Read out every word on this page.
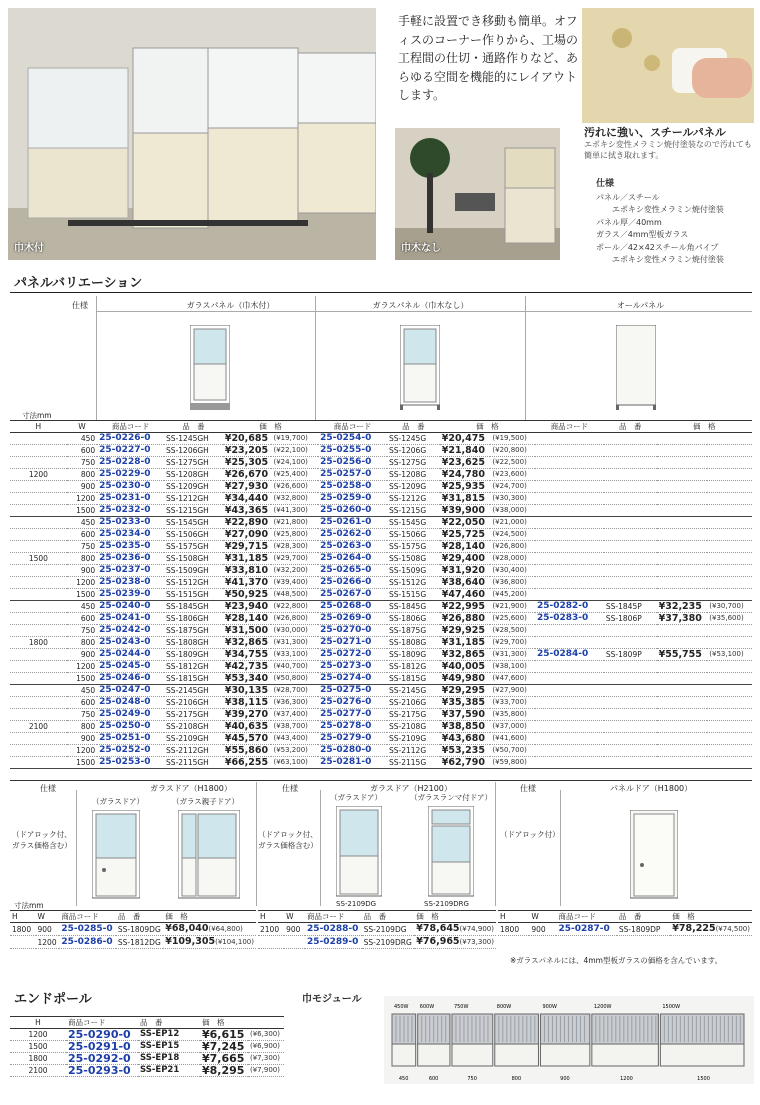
巾木付
手軽に設置でき移動も簡単。オフィスのコーナー作りから、工場の工程間の仕切・通路作りなど、あらゆる空間を機能的にレイアウトします。
巾木なし
汚れに強い、スチールパネル
エポキシ変性メラミン焼付塗装なので汚れても簡単に拭き取れます。
仕様
パネル／スチール
　　エポキシ変性メラミン焼付塗装
パネル厚／40mm
ガラス／4mm型板ガラス
ポール／42×42スチール角パイプ
　　エポキシ変性メラミン焼付塗装
パネルバリエーション
仕様	ガラスパネル（巾木付）	ガラスパネル（巾木なし）	オールパネル
寸法mm
H	W	商品コード	品　番	価　格		商品コード	品　番	価　格		商品コード	品　番	価　格	
	450	25-0226-0	SS-1245GH	¥20,685	(¥19,700)	25-0254-0	SS-1245G	¥20,475	(¥19,500)				
	600	25-0227-0	SS-1206GH	¥23,205	(¥22,100)	25-0255-0	SS-1206G	¥21,840	(¥20,800)				
	750	25-0228-0	SS-1275GH	¥25,305	(¥24,100)	25-0256-0	SS-1275G	¥23,625	(¥22,500)				
1200	800	25-0229-0	SS-1208GH	¥26,670	(¥25,400)	25-0257-0	SS-1208G	¥24,780	(¥23,600)				
	900	25-0230-0	SS-1209GH	¥27,930	(¥26,600)	25-0258-0	SS-1209G	¥25,935	(¥24,700)				
	1200	25-0231-0	SS-1212GH	¥34,440	(¥32,800)	25-0259-0	SS-1212G	¥31,815	(¥30,300)				
	1500	25-0232-0	SS-1215GH	¥43,365	(¥41,300)	25-0260-0	SS-1215G	¥39,900	(¥38,000)				
	450	25-0233-0	SS-1545GH	¥22,890	(¥21,800)	25-0261-0	SS-1545G	¥22,050	(¥21,000)				
	600	25-0234-0	SS-1506GH	¥27,090	(¥25,800)	25-0262-0	SS-1506G	¥25,725	(¥24,500)				
	750	25-0235-0	SS-1575GH	¥29,715	(¥28,300)	25-0263-0	SS-1575G	¥28,140	(¥26,800)				
1500	800	25-0236-0	SS-1508GH	¥31,185	(¥29,700)	25-0264-0	SS-1508G	¥29,400	(¥28,000)				
	900	25-0237-0	SS-1509GH	¥33,810	(¥32,200)	25-0265-0	SS-1509G	¥31,920	(¥30,400)				
	1200	25-0238-0	SS-1512GH	¥41,370	(¥39,400)	25-0266-0	SS-1512G	¥38,640	(¥36,800)				
	1500	25-0239-0	SS-1515GH	¥50,925	(¥48,500)	25-0267-0	SS-1515G	¥47,460	(¥45,200)				
	450	25-0240-0	SS-1845GH	¥23,940	(¥22,800)	25-0268-0	SS-1845G	¥22,995	(¥21,900)	25-0282-0	SS-1845P	¥32,235	(¥30,700)
	600	25-0241-0	SS-1806GH	¥28,140	(¥26,800)	25-0269-0	SS-1806G	¥26,880	(¥25,600)	25-0283-0	SS-1806P	¥37,380	(¥35,600)
	750	25-0242-0	SS-1875GH	¥31,500	(¥30,000)	25-0270-0	SS-1875G	¥29,925	(¥28,500)				
1800	800	25-0243-0	SS-1808GH	¥32,865	(¥31,300)	25-0271-0	SS-1808G	¥31,185	(¥29,700)				
	900	25-0244-0	SS-1809GH	¥34,755	(¥33,100)	25-0272-0	SS-1809G	¥32,865	(¥31,300)	25-0284-0	SS-1809P	¥55,755	(¥53,100)
	1200	25-0245-0	SS-1812GH	¥42,735	(¥40,700)	25-0273-0	SS-1812G	¥40,005	(¥38,100)				
	1500	25-0246-0	SS-1815GH	¥53,340	(¥50,800)	25-0274-0	SS-1815G	¥49,980	(¥47,600)				
	450	25-0247-0	SS-2145GH	¥30,135	(¥28,700)	25-0275-0	SS-2145G	¥29,295	(¥27,900)				
	600	25-0248-0	SS-2106GH	¥38,115	(¥36,300)	25-0276-0	SS-2106G	¥35,385	(¥33,700)				
	750	25-0249-0	SS-2175GH	¥39,270	(¥37,400)	25-0277-0	SS-2175G	¥37,590	(¥35,800)				
2100	800	25-0250-0	SS-2108GH	¥40,635	(¥38,700)	25-0278-0	SS-2108G	¥38,850	(¥37,000)				
	900	25-0251-0	SS-2109GH	¥45,570	(¥43,400)	25-0279-0	SS-2109G	¥43,680	(¥41,600)				
	1200	25-0252-0	SS-2112GH	¥55,860	(¥53,200)	25-0280-0	SS-2112G	¥53,235	(¥50,700)				
	1500	25-0253-0	SS-2115GH	¥66,255	(¥63,100)	25-0281-0	SS-2115G	¥62,790	(¥59,800)				
仕様	ガラスドア（H1800）	仕様	ガラスドア（H2100）	仕様	パネルドア（H1800）
（ドアロック付、ガラス価格含む）
（ドアロック付、ガラス価格含む）
（ドアロック付）
（ガラスドア）	（ガラス親子ドア）	（ガラスドア）	（ガラスランマ付ドア）
SS-2109DG	SS-2109DRG
寸法mm
H	W	商品コード	品　番	価　格
1800	900	25-0285-0	SS-1809DG	¥68,040(¥64,800)
	1200	25-0286-0	SS-1812DG	¥109,305(¥104,100)
H	W	商品コード	品　番	価　格
2100	900	25-0288-0	SS-2109DG	¥78,645(¥74,900)
		25-0289-0	SS-2109DRG	¥76,965(¥73,300)
H	W	商品コード	品　番	価　格
1800	900	25-0287-0	SS-1809DP	¥78,225(¥74,500)
※ガラスパネルには、4mm型板ガラスの価格を含んでいます。
エンドポール
H	商品コード	品　番	価　格	
1200	25-0290-0	SS-EP12	¥6,615	(¥6,300)
1500	25-0291-0	SS-EP15	¥7,245	(¥6,900)
1800	25-0292-0	SS-EP18	¥7,665	(¥7,300)
2100	25-0293-0	SS-EP21	¥8,295	(¥7,900)
巾モジュール
450W
450
600W
600
750W
750
800W
800
900W
900
1200W
1200
1500W
1500
